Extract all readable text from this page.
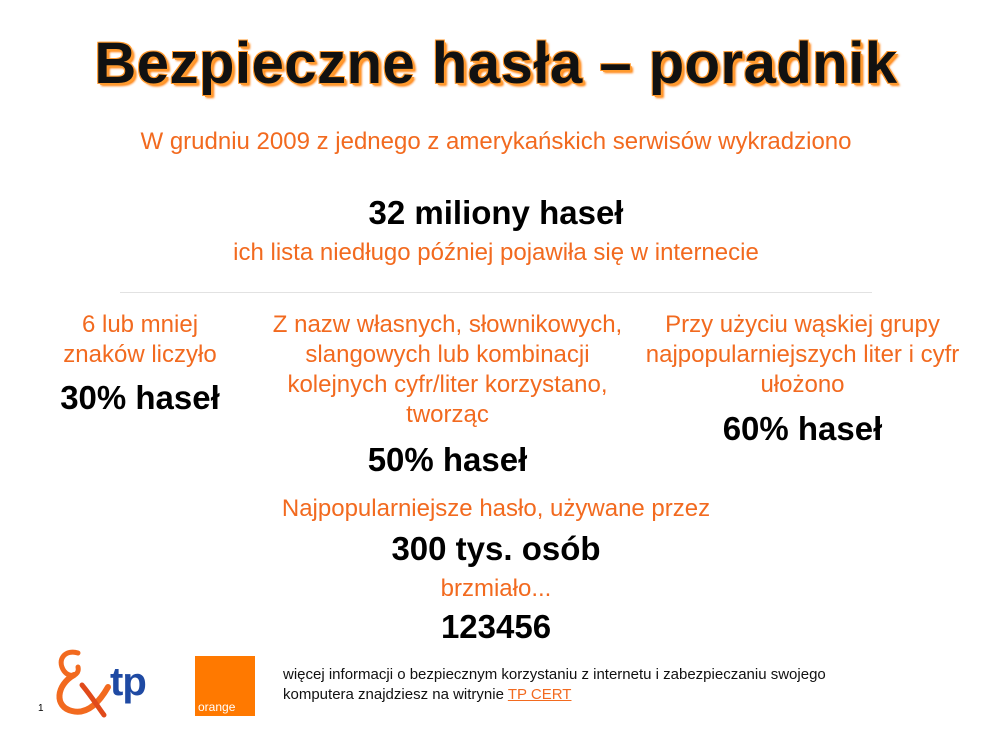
Bezpieczne hasła – poradnik
W grudniu 2009 z jednego z amerykańskich serwisów wykradziono
32 miliony haseł
ich lista niedługo później pojawiła się w internecie
6 lub mniej znaków liczyło
30% haseł
Z nazw własnych, słownikowych, slangowych lub kombinacji kolejnych cyfr/liter korzystano, tworząc
50% haseł
Przy użyciu wąskiej grupy najpopularniejszych liter i cyfr ułożono
60% haseł
Najpopularniejsze hasło, używane przez
300 tys. osób
brzmiało...
123456
1
tp
orange
więcej informacji o bezpiecznym korzystaniu z internetu i zabezpieczaniu swojego komputera znajdziesz na witrynie TP CERT
